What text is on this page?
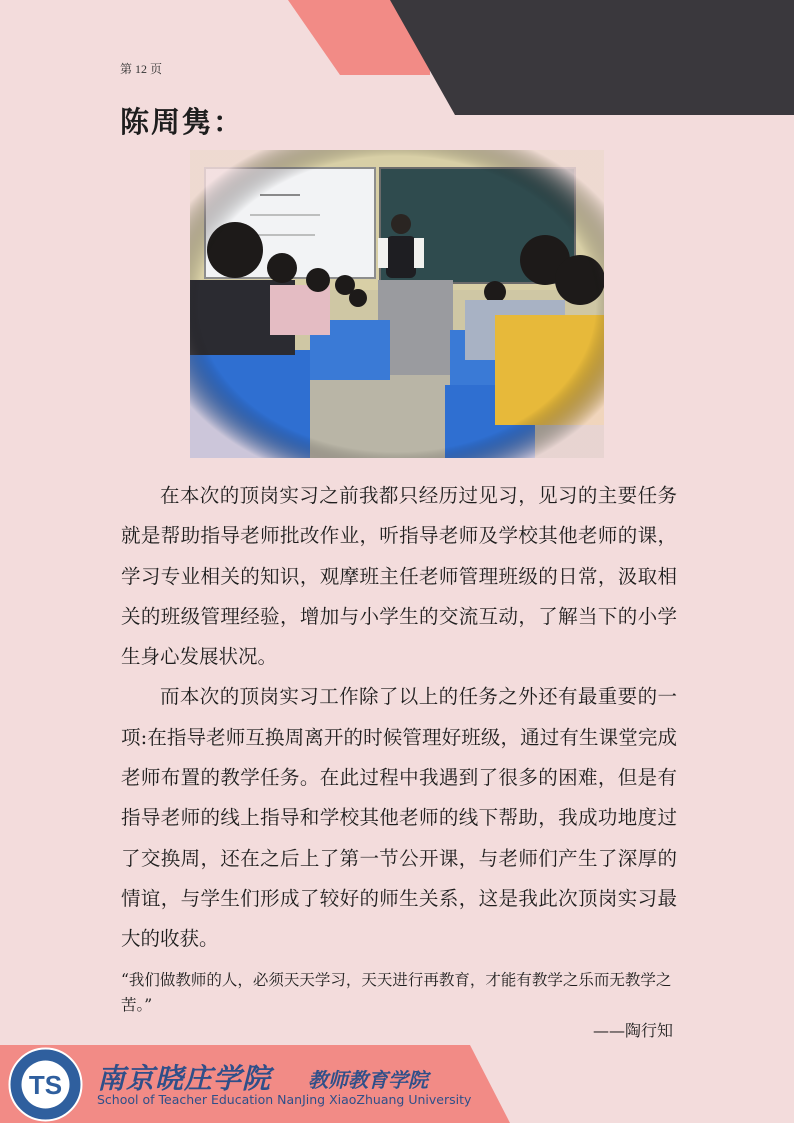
第 12 页
陈周隽：

在本次的顶岗实习之前我都只经历过见习，见习的主要任务就是帮助指导老师批改作业，听指导老师及学校其他老师的课，学习专业相关的知识，观摩班主任老师管理班级的日常，汲取相关的班级管理经验，增加与小学生的交流互动，了解当下的小学生身心发展状况。

而本次的顶岗实习工作除了以上的任务之外还有最重要的一项:在指导老师互换周离开的时候管理好班级，通过有生课堂完成老师布置的教学任务。在此过程中我遇到了很多的困难，但是有指导老师的线上指导和学校其他老师的线下帮助，我成功地度过了交换周，还在之后上了第一节公开课，与老师们产生了深厚的情谊，与学生们形成了较好的师生关系，这是我此次顶岗实习最大的收获。

“我们做教师的人，必须天天学习，天天进行再教育，才能有教学之乐而无教学之苦。”
——陶行知
TS 南京晓庄学院 教师教育学院
School of Teacher Education NanJing XiaoZhuang University
